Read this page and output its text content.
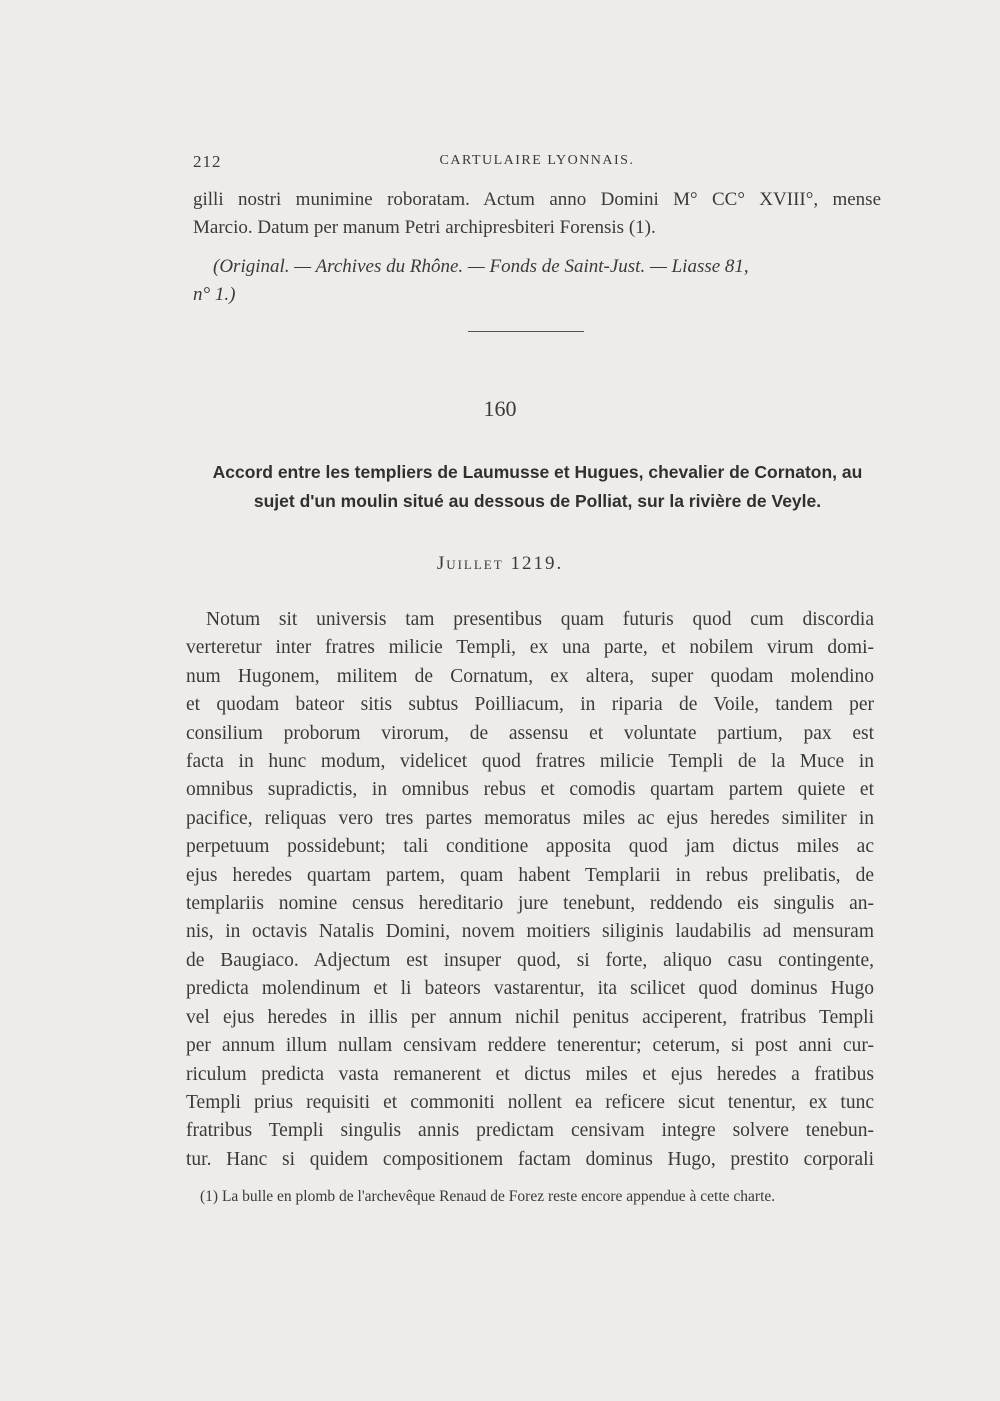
212	CARTULAIRE LYONNAIS.
gilli nostri munimine roboratam. Actum anno Domini M° CC° XVIII°, mense
Marcio. Datum per manum Petri archipresbiteri Forensis (1).
(Original. — Archives du Rhône. — Fonds de Saint-Just. — Liasse 81,
n° 1.)
160
Accord entre les templiers de Laumusse et Hugues, chevalier de Cornaton, au
sujet d'un moulin situé au dessous de Polliat, sur la rivière de Veyle.
Juillet 1219.
Notum sit universis tam presentibus quam futuris quod cum discordia
verteretur inter fratres milicie Templi, ex una parte, et nobilem virum domi-
num Hugonem, militem de Cornatum, ex altera, super quodam molendino
et quodam bateor sitis subtus Poilliacum, in riparia de Voile, tandem per
consilium proborum virorum, de assensu et voluntate partium, pax est
facta in hunc modum, videlicet quod fratres milicie Templi de la Muce in
omnibus supradictis, in omnibus rebus et comodis quartam partem quiete et
pacifice, reliquas vero tres partes memoratus miles ac ejus heredes similiter in
perpetuum possidebunt; tali conditione apposita quod jam dictus miles ac
ejus heredes quartam partem, quam habent Templarii in rebus prelibatis, de
templariis nomine census hereditario jure tenebunt, reddendo eis singulis an-
nis, in octavis Natalis Domini, novem moitiers siliginis laudabilis ad mensuram
de Baugiaco. Adjectum est insuper quod, si forte, aliquo casu contingente,
predicta molendinum et li bateors vastarentur, ita scilicet quod dominus Hugo
vel ejus heredes in illis per annum nichil penitus acciperent, fratribus Templi
per annum illum nullam censivam reddere tenerentur; ceterum, si post anni cur-
riculum predicta vasta remanerent et dictus miles et ejus heredes a fratibus
Templi prius requisiti et commoniti nollent ea reficere sicut tenentur, ex tunc
fratribus Templi singulis annis predictam censivam integre solvere tenebun-
tur. Hanc si quidem compositionem factam dominus Hugo, prestito corporali
(1) La bulle en plomb de l'archevêque Renaud de Forez reste encore appendue à cette charte.
